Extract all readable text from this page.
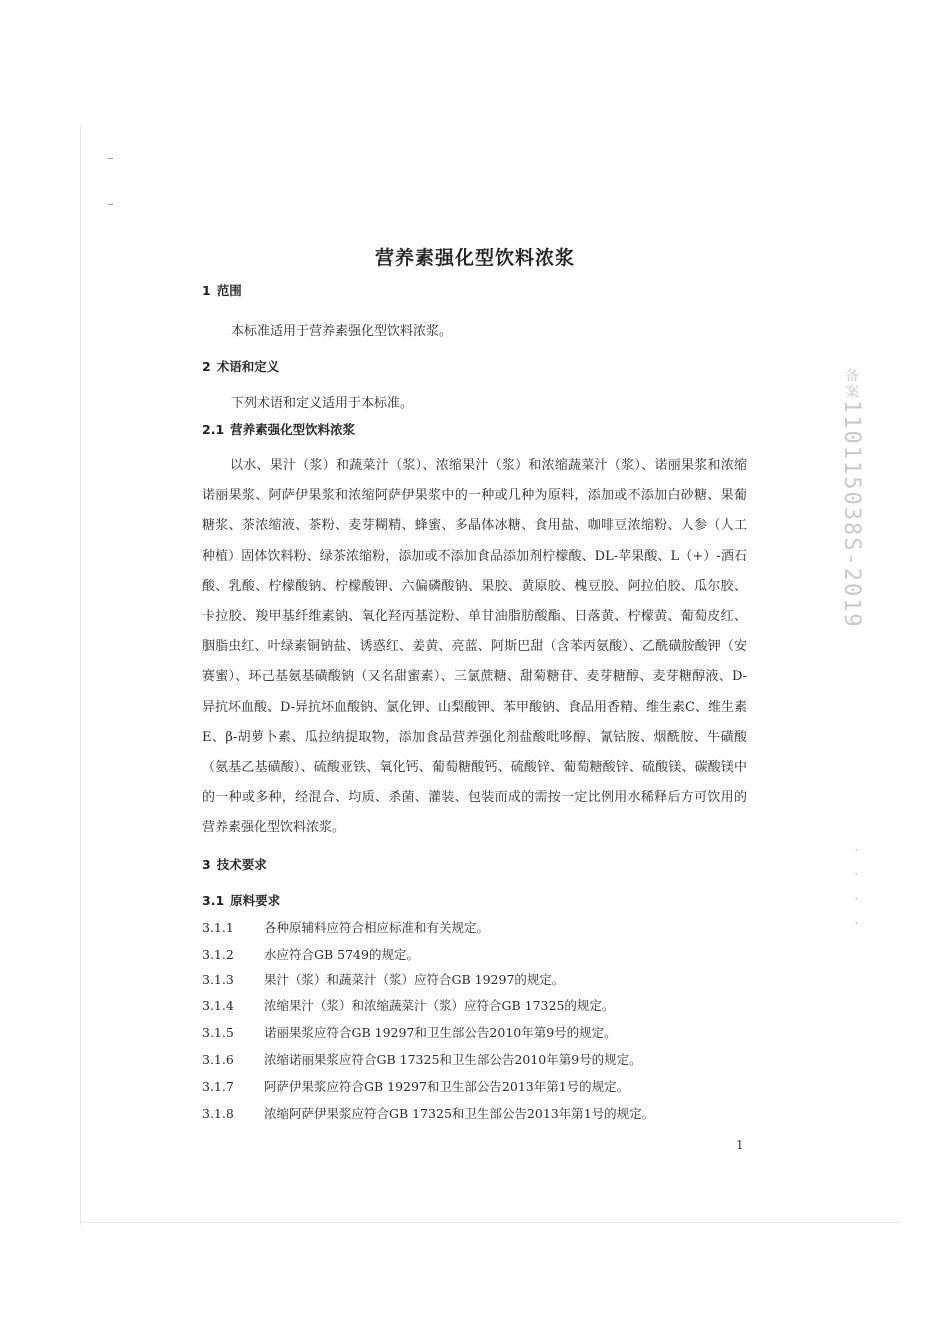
营养素强化型饮料浓浆
1 范围

本标准适用于营养素强化型饮料浓浆。

2 术语和定义

下列术语和定义适用于本标准。

2.1 营养素强化型饮料浓浆

以水、果汁（浆）和蔬菜汁（浆）、浓缩果汁（浆）和浓缩蔬菜汁（浆）、诺丽果浆和浓缩诺丽果浆、阿萨伊果浆和浓缩阿萨伊果浆中的一种或几种为原料，添加或不添加白砂糖、果葡糖浆、茶浓缩液、茶粉、麦芽糊精、蜂蜜、多晶体冰糖、食用盐、咖啡豆浓缩粉、人参（人工种植）固体饮料粉、绿茶浓缩粉，添加或不添加食品添加剂柠檬酸、DL-苹果酸、L（+）-酒石酸、乳酸、柠檬酸钠、柠檬酸钾、六偏磷酸钠、果胶、黄原胶、槐豆胶、阿拉伯胶、瓜尔胶、卡拉胶、羧甲基纤维素钠、氧化羟丙基淀粉、单甘油脂肪酸酯、日落黄、柠檬黄、葡萄皮红、胭脂虫红、叶绿素铜钠盐、诱惑红、姜黄、亮蓝、阿斯巴甜（含苯丙氨酸）、乙酰磺胺酸钾（安赛蜜）、环己基氨基磺酸钠（又名甜蜜素）、三氯蔗糖、甜菊糖苷、麦芽糖醇、麦芽糖醇液、D-异抗坏血酸、D-异抗坏血酸钠、氯化钾、山梨酸钾、苯甲酸钠、食品用香精、维生素C、维生素E、β-胡萝卜素、瓜拉纳提取物，添加食品营养强化剂盐酸吡哆醇、氰钴胺、烟酰胺、牛磺酸（氨基乙基磺酸）、硫酸亚铁、氧化钙、葡萄糖酸钙、硫酸锌、葡萄糖酸锌、硫酸镁、碳酸镁中的一种或多种，经混合、均质、杀菌、灌装、包装而成的需按一定比例用水稀释后方可饮用的营养素强化型饮料浓浆。

3 技术要求
3.1 原料要求

3.1.1 各种原辅料应符合相应标准和有关规定。

3.1.2 水应符合GB 5749的规定。

3.1.3 果汁（浆）和蔬菜汁（浆）应符合GB 19297的规定。

3.1.4 浓缩果汁（浆）和浓缩蔬菜汁（浆）应符合GB 17325的规定。

3.1.5 诺丽果浆应符合GB 19297和卫生部公告2010年第9号的规定。

3.1.6 浓缩诺丽果浆应符合GB 17325和卫生部公告2010年第9号的规定。

3.1.7 阿萨伊果浆应符合GB 19297和卫生部公告2013年第1号的规定。

3.1.8 浓缩阿萨伊果浆应符合GB 17325和卫生部公告2013年第1号的规定。

1
备案110115038S-2019
· · · ·
